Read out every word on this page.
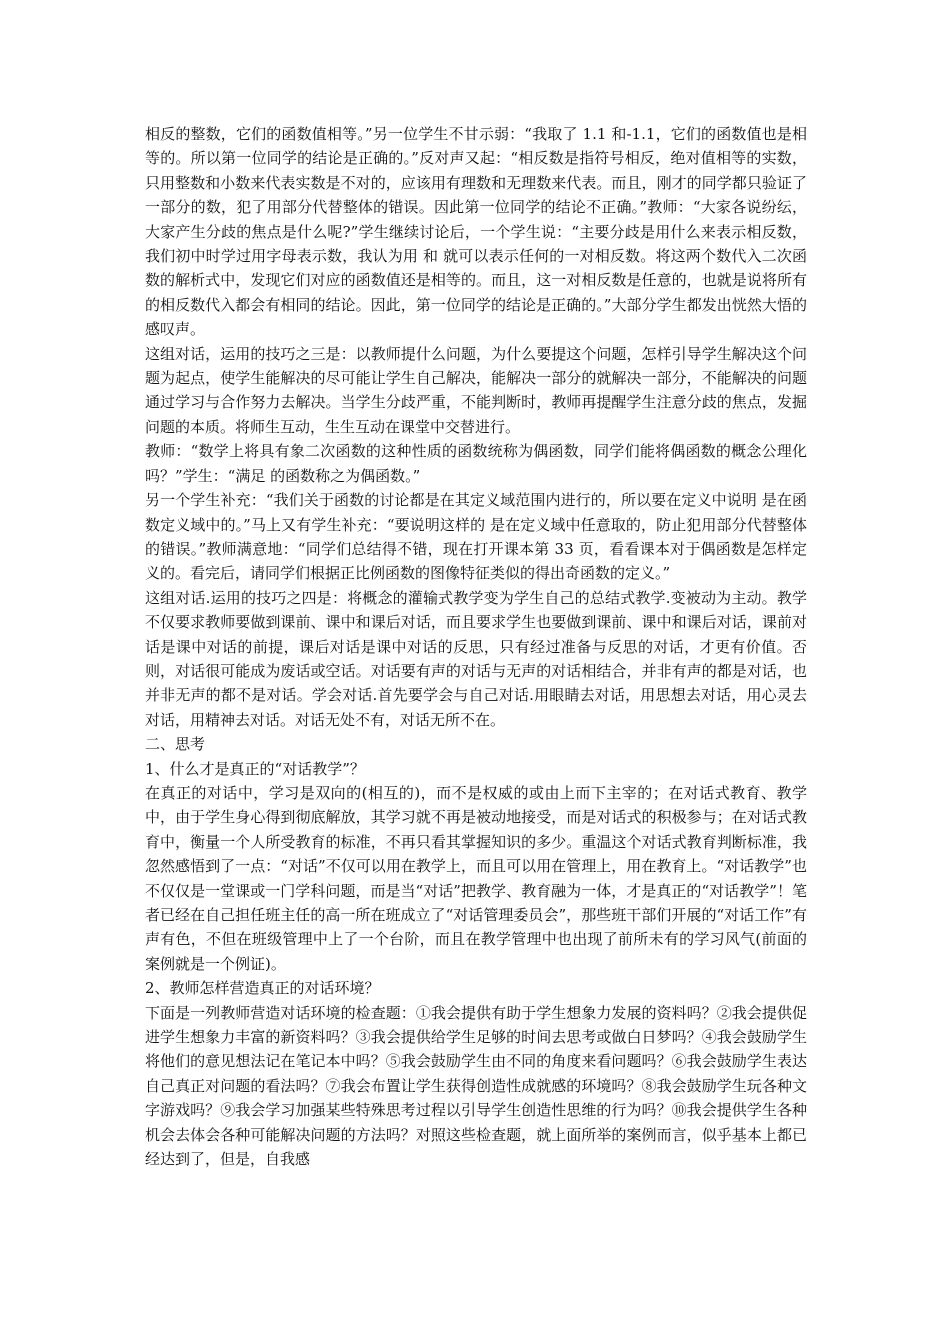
相反的整数，它们的函数值相等。”另一位学生不甘示弱：“我取了 1.1 和-1.1，它们的函数值也是相等的。所以第一位同学的结论是正确的。”反对声又起：“相反数是指符号相反，绝对值相等的实数，只用整数和小数来代表实数是不对的，应该用有理数和无理数来代表。而且，刚才的同学都只验证了一部分的数，犯了用部分代替整体的错误。因此第一位同学的结论不正确。”教师：“大家各说纷纭，大家产生分歧的焦点是什么呢?”学生继续讨论后，一个学生说：“主要分歧是用什么来表示相反数，我们初中时学过用字母表示数，我认为用 和 就可以表示任何的一对相反数。将这两个数代入二次函数的解析式中，发现它们对应的函数值还是相等的。而且，这一对相反数是任意的，也就是说将所有的相反数代入都会有相同的结论。因此，第一位同学的结论是正确的。”大部分学生都发出恍然大悟的感叹声。

这组对话，运用的技巧之三是：以教师提什么问题，为什么要提这个问题，怎样引导学生解决这个问题为起点，使学生能解决的尽可能让学生自己解决，能解决一部分的就解决一部分，不能解决的问题通过学习与合作努力去解决。当学生分歧严重，不能判断时，教师再提醒学生注意分歧的焦点，发掘问题的本质。将师生互动，生生互动在课堂中交替进行。

教师：“数学上将具有象二次函数的这种性质的函数统称为偶函数，同学们能将偶函数的概念公理化吗？”学生：“满足 的函数称之为偶函数。”

另一个学生补充：“我们关于函数的讨论都是在其定义域范围内进行的，所以要在定义中说明 是在函数定义域中的。”马上又有学生补充：“要说明这样的 是在定义域中任意取的，防止犯用部分代替整体的错误。”教师满意地：“同学们总结得不错，现在打开课本第 33 页，看看课本对于偶函数是怎样定义的。看完后，请同学们根据正比例函数的图像特征类似的得出奇函数的定义。”

这组对话.运用的技巧之四是：将概念的灌输式教学变为学生自己的总结式教学.变被动为主动。教学不仅要求教师要做到课前、课中和课后对话，而且要求学生也要做到课前、课中和课后对话，课前对话是课中对话的前提，课后对话是课中对话的反思，只有经过准备与反思的对话，才更有价值。否则，对话很可能成为废话或空话。对话要有声的对话与无声的对话相结合，并非有声的都是对话，也并非无声的都不是对话。学会对话.首先要学会与自己对话.用眼睛去对话，用思想去对话，用心灵去对话，用精神去对话。对话无处不有，对话无所不在。

二、思考

1、什么才是真正的“对话教学”？

在真正的对话中，学习是双向的(相互的)，而不是权威的或由上而下主宰的；在对话式教育、教学中，由于学生身心得到彻底解放，其学习就不再是被动地接受，而是对话式的积极参与；在对话式教育中，衡量一个人所受教育的标准，不再只看其掌握知识的多少。重温这个对话式教育判断标准，我忽然感悟到了一点：“对话”不仅可以用在教学上，而且可以用在管理上，用在教育上。“对话教学”也不仅仅是一堂课或一门学科问题，而是当“对话”把教学、教育融为一体，才是真正的“对话教学”！笔者已经在自己担任班主任的高一所在班成立了“对话管理委员会”，那些班干部们开展的“对话工作”有声有色，不但在班级管理中上了一个台阶，而且在教学管理中也出现了前所未有的学习风气(前面的案例就是一个例证)。

2、教师怎样营造真正的对话环境？

下面是一列教师营造对话环境的检查题：①我会提供有助于学生想象力发展的资料吗？②我会提供促进学生想象力丰富的新资料吗？③我会提供给学生足够的时间去思考或做白日梦吗？④我会鼓励学生将他们的意见想法记在笔记本中吗？⑤我会鼓励学生由不同的角度来看问题吗？⑥我会鼓励学生表达自己真正对问题的看法吗？⑦我会布置让学生获得创造性成就感的环境吗？⑧我会鼓励学生玩各种文字游戏吗？⑨我会学习加强某些特殊思考过程以引导学生创造性思维的行为吗？⑩我会提供学生各种机会去体会各种可能解决问题的方法吗？对照这些检查题，就上面所举的案例而言，似乎基本上都已经达到了，但是，自我感
